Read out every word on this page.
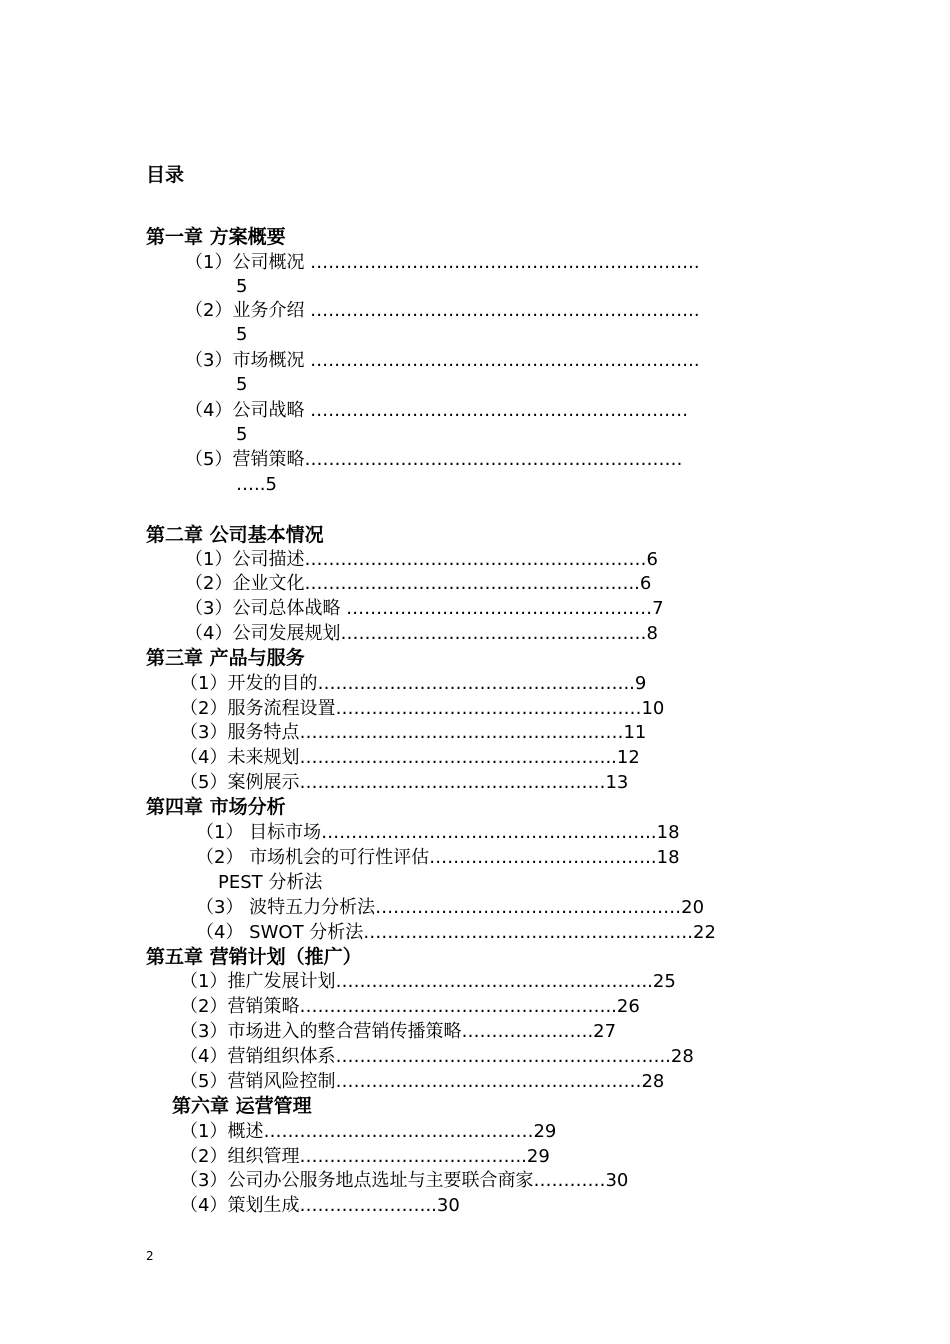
目录
第一章 方案概要
（1）公司概况 ………………………………………………………..
5
（2）业务介绍 ………………………………………………………..
5
（3）市场概况 ………………………………………………………..
5
（4）公司战略 ………………………………………………………
5
（5）营销策略………………………………………………………
…..5
第二章 公司基本情况
（1）公司描述…………………………………………………6
（2）企业文化………………………………………………..6
（3）公司总体战略 ……………………………………………7
（4）公司发展规划……………………………………………8
第三章 产品与服务
（1）开发的目的……………………………………………..9
（2）服务流程设置……………………………………………10
（3）服务特点………………………………………………11
（4）未来规划……………………………………………..12
（5）案例展示……………………………………………13
第四章 市场分析
（1） 目标市场………………………………………………..18
（2） 市场机会的可行性评估………………………………..18
PEST 分析法
（3） 波特五力分析法……………………………………………20
（4） SWOT 分析法……………………………………………….22
第五章 营销计划（推广）
（1）推广发展计划……………………………………………..25
（2）营销策略……………………………………………..26
（3）市场进入的整合营销传播策略………………….27
（4）营销组织体系………………………………………………..28
（5）营销风险控制……………………………………………28
第六章 运营管理
（1）概述………………………………………29
（2）组织管理………………………………..29
（3）公司办公服务地点选址与主要联合商家…………30
（4）策划生成…………………..30
2
